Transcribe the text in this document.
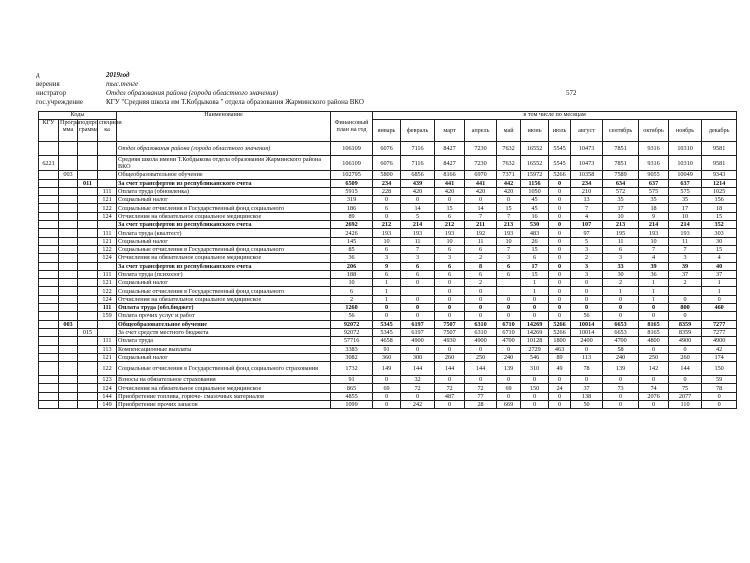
д	2019год
верения	тыс.тенге
нистратор	Отдел образования района (города областного значения)	572
гос.учреждение	КГУ "Средняя школа им Т.Кобдыкова " отдела образования Жарминского района ВКО
Коды				Наименование	Финансовый план на год	в том числе по месяцам											
КГУ	Програ ммa	подпро грамма	специфи ка			январь	февраль	март	апрель	май	июнь	июль	август	сентябрь	октябрь	ноябрь	декабрь
				Отдел образования района (города областного значения)	106109	6076	7116	8427	7230	7632	16552	5545	10473	7851	9316	10310	9581
6221				Средняя школа имени Т.Кобдыкова отдела образования Жарминского района ВКО	106109	6076	7116	8427	7230	7632	16552	5545	10473	7851	9316	10310	9581
	003			Общеобразовательное обучение	102795	5800	6856	8166	6970	7371	15972	5266	10358	7589	9055	10049	9343
		011		За счет трансфертов из республиканского счета	6509	234	439	441	441	442	1156	0	234	634	637	637	1214
			111	Оплата труда (обновленка)	5915	228	420	420	420	420	1050	0	210	572	575	575	1025
			121	Социальный налог	319	0	0	0	0	0	45	0	13	35	35	35	156
			122	Социальные отчисления в Государственный фонд социального	186	6	14	15	14	15	45	0	7	17	18	17	18
			124	Отчисления на обязательное социальное медицинское	89	0	5	6	7	7	16	0	4	10	9	10	15
				За счет трансфертов из республиканского счета	2692	212	214	212	211	213	530	0	107	213	214	214	352
			111	Оплата труда (квалтест)	2426	193	193	193	192	193	483	0	97	195	193	193	303
			121	Социальный налог	145	10	11	10	11	10	26	0	5	11	10	11	30
			122	Социальные отчисления в Государственный фонд социального	85	6	7	6	6	7	15	0	3	6	7	7	15
			124	Отчисления на обязательное социальное медицинское	36	3	3	3	2	3	6	0	2	3	4	3	4
				За счет трансфертов из республиканского счета	206	9	6	6	8	6	17	0	3	33	39	39	40
			111	Оплата труда (психолог)	188	6	6	6	6	6	15	0	3	30	36	37	37
			121	Социальный налог	10	1	0	0	2		1	0	0	2	1	2	1
			122	Социальные отчисления в Государственный фонд социального	6	1		0	0		1	0	0	1	1		1
			124	Отчисления на обязательное социальное медицинское	2	1	0	0	0	0	0	0	0	0	1	0	0
			111	Оплата труда (обл.бюджет)	1260	0	0	0	0	0	0	0	0	0	0	800	460
			159	Оплата прочих услуг и работ	56	0	0	0	0	0	0	0	56	0	0	0	
	003			Общеобразовательное обучение	92072	5345	6197	7507	6310	6710	14269	5266	10014	6653	8165	8359	7277
		015		За счет средств местного бюджета	92072	5345	6197	7507	6310	6710	14269	5266	10014	6653	8165	8359	7277
			111	Оплата труда	57716	4658	4900	4930	4900	4700	10128	1800	2400	4700	4800	4900	4900
			113	Компенсационные выплаты	3383	91	0	0	0	0	2729	463	0	58	0	0	42
			121	Социальный налог	3082	360	300	260	250	240	546	89	113	240	250	260	174
			122	Социальные отчисления в Государственный фонд социального страхования	1732	149	144	144	144	139	310	49	78	139	142	144	150
			123	Взносы на обязательное страхования	91	0	32	0	0	0	0	0	0	0	0	0	59
			124	Отчисления на обязательное социальное медицинское	865	69	72	72	72	69	150	24	37	73	74	75	78
			144	Приобретение топлива, горюче- смазочных материалов	4855	0	0	487	77	0	0	0	138	0	2076	2077	0
			149	Приобретение прочих запасов	1099	0	242	0	28	669	0	0	50	0	0	110	0
